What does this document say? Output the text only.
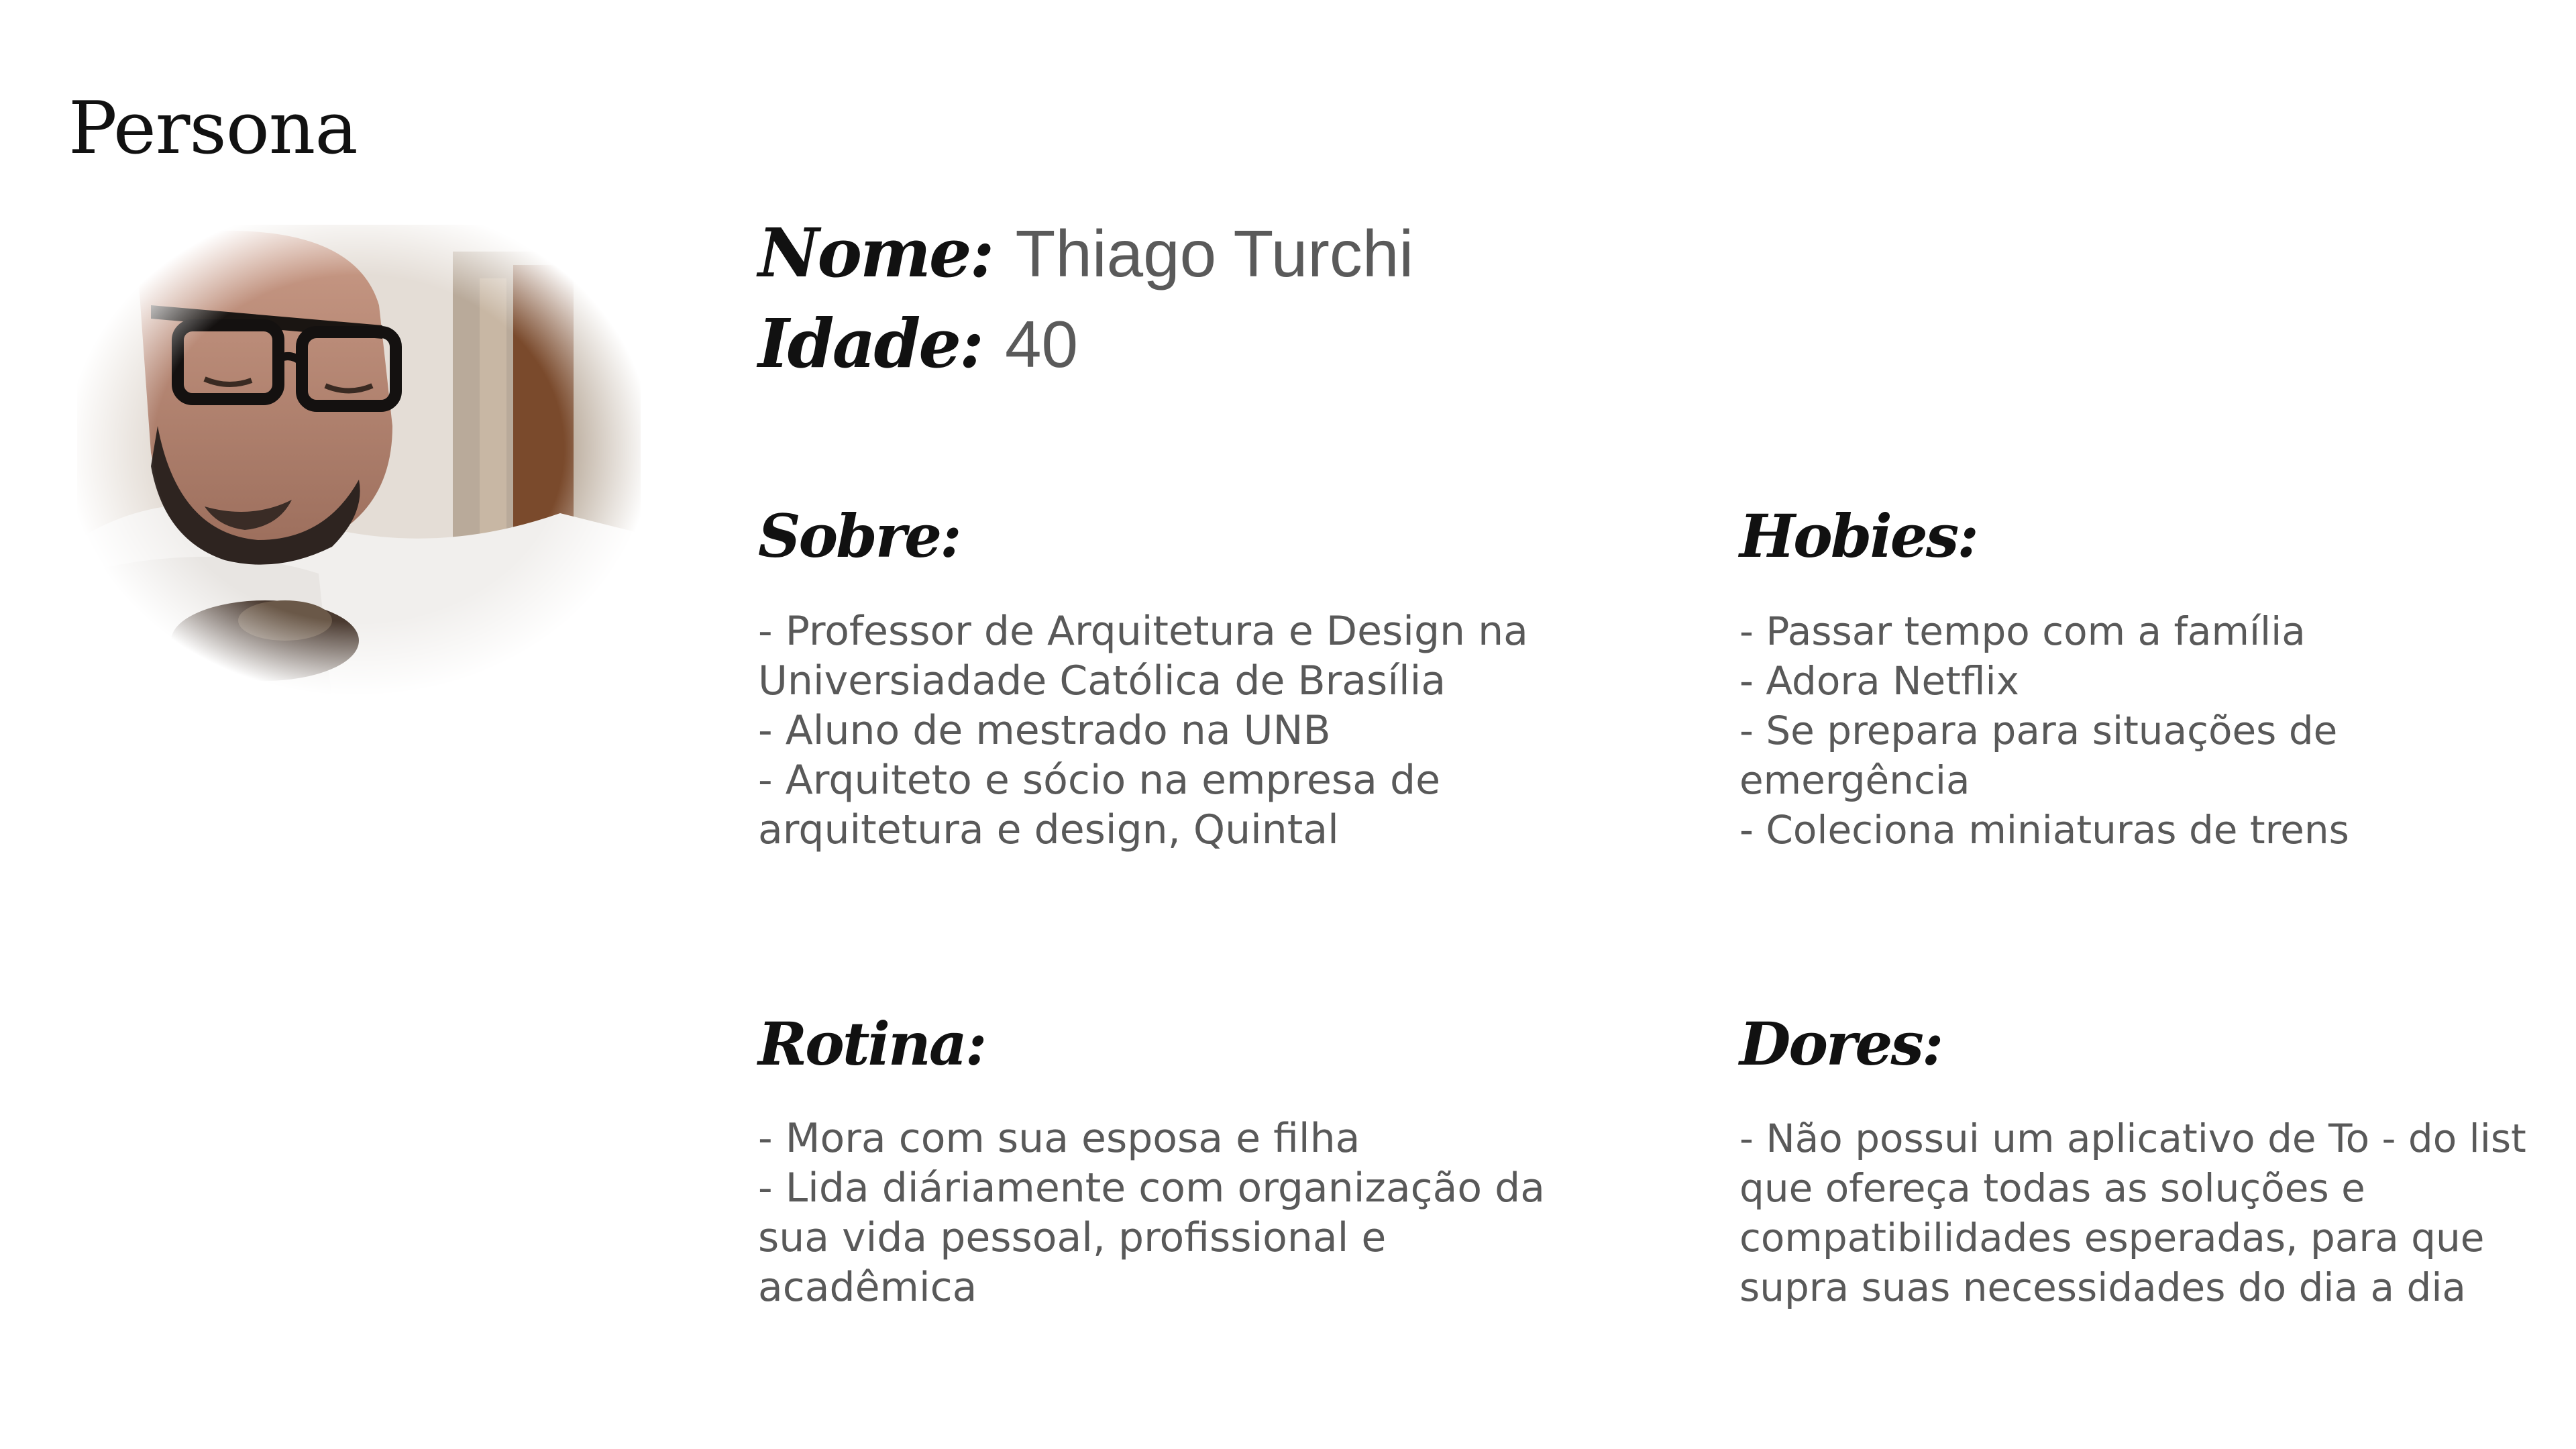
Persona
Nome: Thiago Turchi
Idade: 40
Sobre:
- Professor de Arquitetura e Design na Universiadade Católica de Brasília
- Aluno de mestrado na UNB
- Arquiteto e sócio na empresa de arquitetura e design, Quintal
Hobies:
- Passar tempo com a família
- Adora Netflix
- Se prepara para situações de emergência
- Coleciona miniaturas de trens
Rotina:
- Mora com sua esposa e filha
- Lida diáriamente com organização da sua vida pessoal, profissional e acadêmica
Dores:
- Não possui um aplicativo de To - do list que ofereça todas as soluções e compatibilidades esperadas, para que supra suas necessidades do dia a dia
